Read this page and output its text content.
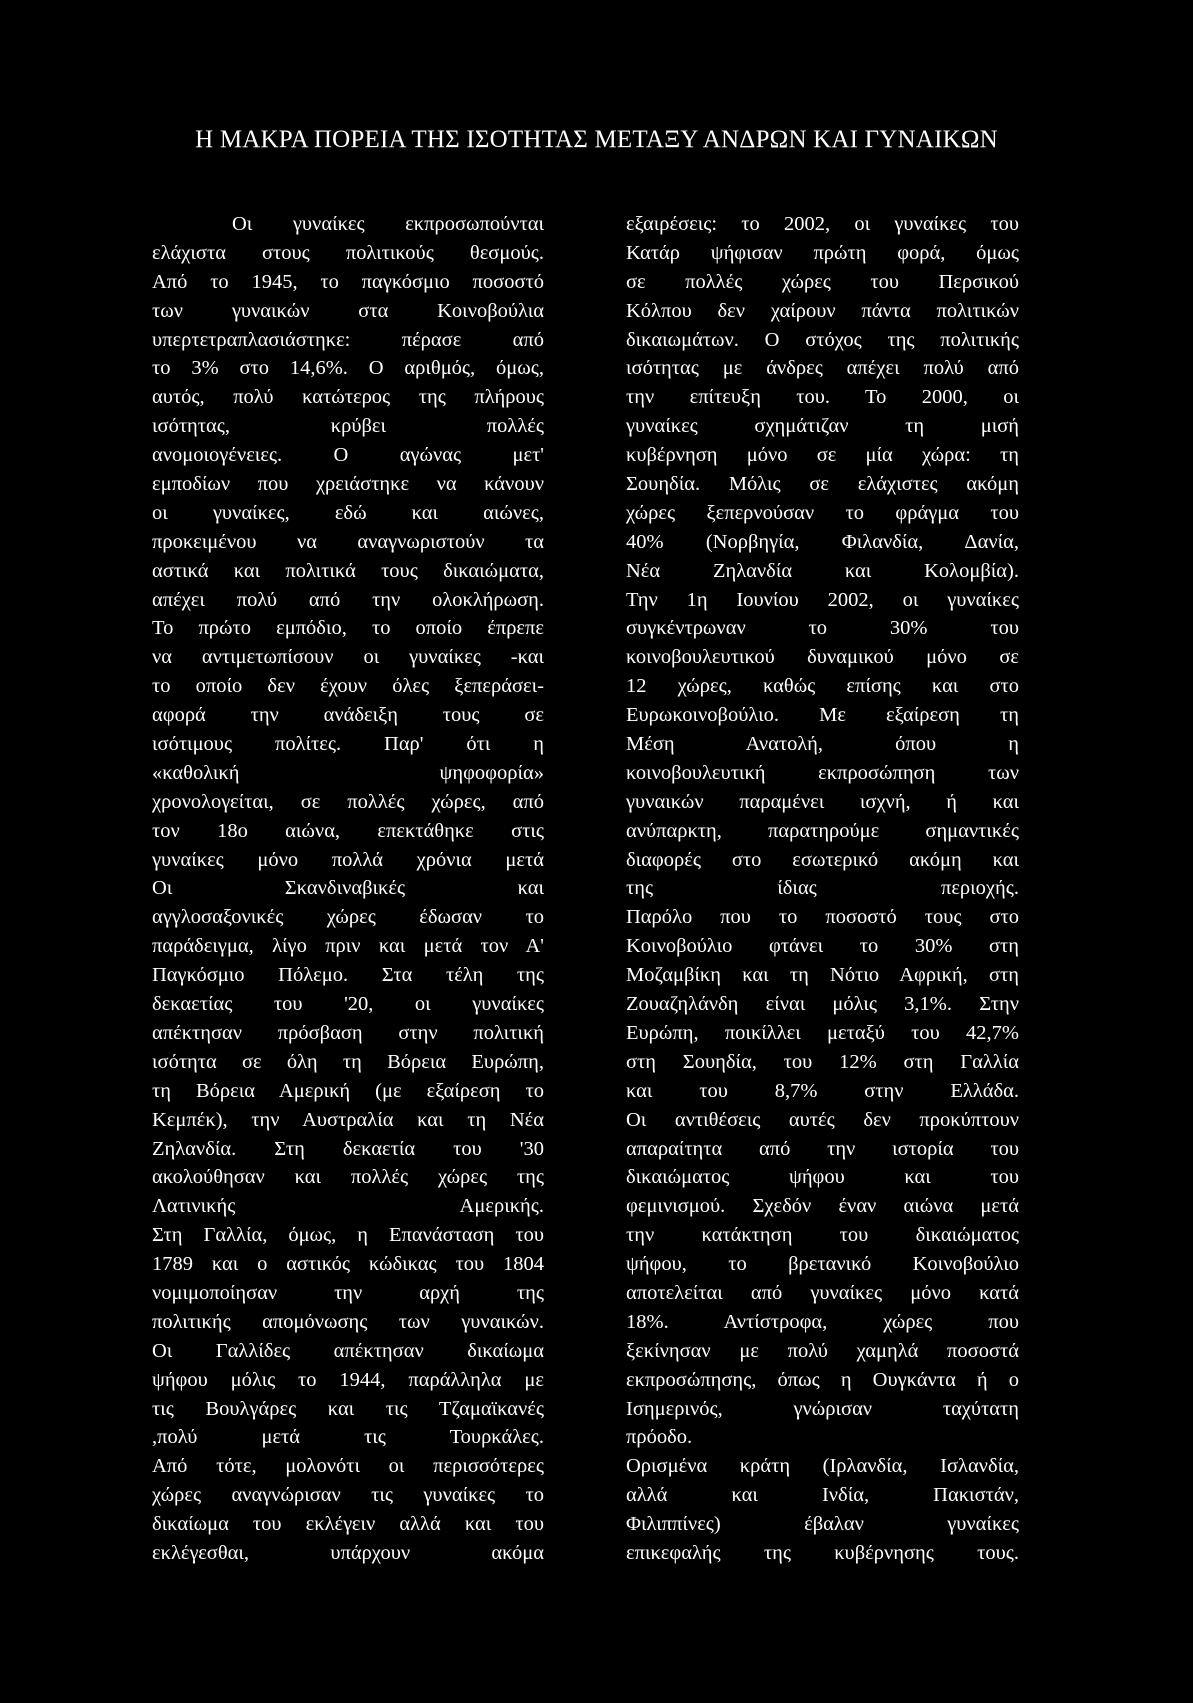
Η ΜΑΚΡΑ ΠΟΡΕΙΑ ΤΗΣ ΙΣΟΤΗΤΑΣ ΜΕΤΑΞΥ ΑΝΔΡΩΝ ΚΑΙ ΓΥΝΑΙΚΩΝ
Οι γυναίκες εκπροσωπούνται
ελάχιστα στους πολιτικούς θεσμούς.
Από το 1945, το παγκόσμιο ποσοστό
των γυναικών στα Κοινοβούλια
υπερτετραπλασιάστηκε: πέρασε από
το 3% στο 14,6%. Ο αριθμός, όμως,
αυτός, πολύ κατώτερος της πλήρους
ισότητας, κρύβει πολλές
ανομοιογένειες. Ο αγώνας μετ'
εμποδίων που χρειάστηκε να κάνουν
οι γυναίκες, εδώ και αιώνες,
προκειμένου να αναγνωριστούν τα
αστικά και πολιτικά τους δικαιώματα,
απέχει πολύ από την ολοκλήρωση.
Το πρώτο εμπόδιο, το οποίο έπρεπε
να αντιμετωπίσουν οι γυναίκες -και
το οποίο δεν έχουν όλες ξεπεράσει-
αφορά την ανάδειξη τους σε
ισότιμους πολίτες. Παρ' ότι η
«καθολική ψηφοφορία»
χρονολογείται, σε πολλές χώρες, από
τον 18ο αιώνα, επεκτάθηκε στις
γυναίκες μόνο πολλά χρόνια μετά
Οι Σκανδιναβικές και
αγγλοσαξονικές χώρες έδωσαν το
παράδειγμα, λίγο πριν και μετά τον Α'
Παγκόσμιο Πόλεμο. Στα τέλη της
δεκαετίας του '20, οι γυναίκες
απέκτησαν πρόσβαση στην πολιτική
ισότητα σε όλη τη Βόρεια Ευρώπη,
τη Βόρεια Αμερική (με εξαίρεση το
Κεμπέκ), την Αυστραλία και τη Νέα
Ζηλανδία. Στη δεκαετία του '30
ακολούθησαν και πολλές χώρες της
Λατινικής Αμερικής.
Στη Γαλλία, όμως, η Επανάσταση του
1789 και ο αστικός κώδικας του 1804
νομιμοποίησαν την αρχή της
πολιτικής απομόνωσης των γυναικών.
Οι Γαλλίδες απέκτησαν δικαίωμα
ψήφου μόλις το 1944, παράλληλα με
τις Βουλγάρες και τις Τζαμαϊκανές
,πολύ μετά τις Τουρκάλες.
Από τότε, μολονότι οι περισσότερες
χώρες αναγνώρισαν τις γυναίκες το
δικαίωμα του εκλέγειν αλλά και του
εκλέγεσθαι, υπάρχουν ακόμα
εξαιρέσεις: το 2002, οι γυναίκες του
Κατάρ ψήφισαν πρώτη φορά, όμως
σε πολλές χώρες του Περσικού
Κόλπου δεν χαίρουν πάντα πολιτικών
δικαιωμάτων. Ο στόχος της πολιτικής
ισότητας με άνδρες απέχει πολύ από
την επίτευξη του. Το 2000, οι
γυναίκες σχημάτιζαν τη μισή
κυβέρνηση μόνο σε μία χώρα: τη
Σουηδία. Μόλις σε ελάχιστες ακόμη
χώρες ξεπερνούσαν το φράγμα του
40% (Νορβηγία, Φιλανδία, Δανία,
Νέα Ζηλανδία και Κολομβία).
Την 1η Ιουνίου 2002, οι γυναίκες
συγκέντρωναν το 30% του
κοινοβουλευτικού δυναμικού μόνο σε
12 χώρες, καθώς επίσης και στο
Ευρωκοινοβούλιο. Με εξαίρεση τη
Μέση Ανατολή, όπου η
κοινοβουλευτική εκπροσώπηση των
γυναικών παραμένει ισχνή, ή και
ανύπαρκτη, παρατηρούμε σημαντικές
διαφορές στο εσωτερικό ακόμη και
της ίδιας περιοχής.
Παρόλο που το ποσοστό τους στο
Κοινοβούλιο φτάνει το 30% στη
Μοζαμβίκη και τη Νότιο Αφρική, στη
Ζουαζηλάνδη είναι μόλις 3,1%. Στην
Ευρώπη, ποικίλλει μεταξύ του 42,7%
στη Σουηδία, του 12% στη Γαλλία
και του 8,7% στην Ελλάδα.
Οι αντιθέσεις αυτές δεν προκύπτουν
απαραίτητα από την ιστορία του
δικαιώματος ψήφου και του
φεμινισμού. Σχεδόν έναν αιώνα μετά
την κατάκτηση του δικαιώματος
ψήφου, το βρετανικό Κοινοβούλιο
αποτελείται από γυναίκες μόνο κατά
18%. Αντίστροφα, χώρες που
ξεκίνησαν με πολύ χαμηλά ποσοστά
εκπροσώπησης, όπως η Ουγκάντα ή ο
Ισημερινός, γνώρισαν ταχύτατη
πρόοδο.
Ορισμένα κράτη (Ιρλανδία, Ισλανδία,
αλλά και Ινδία, Πακιστάν,
Φιλιππίνες) έβαλαν γυναίκες
επικεφαλής της κυβέρνησης τους.
